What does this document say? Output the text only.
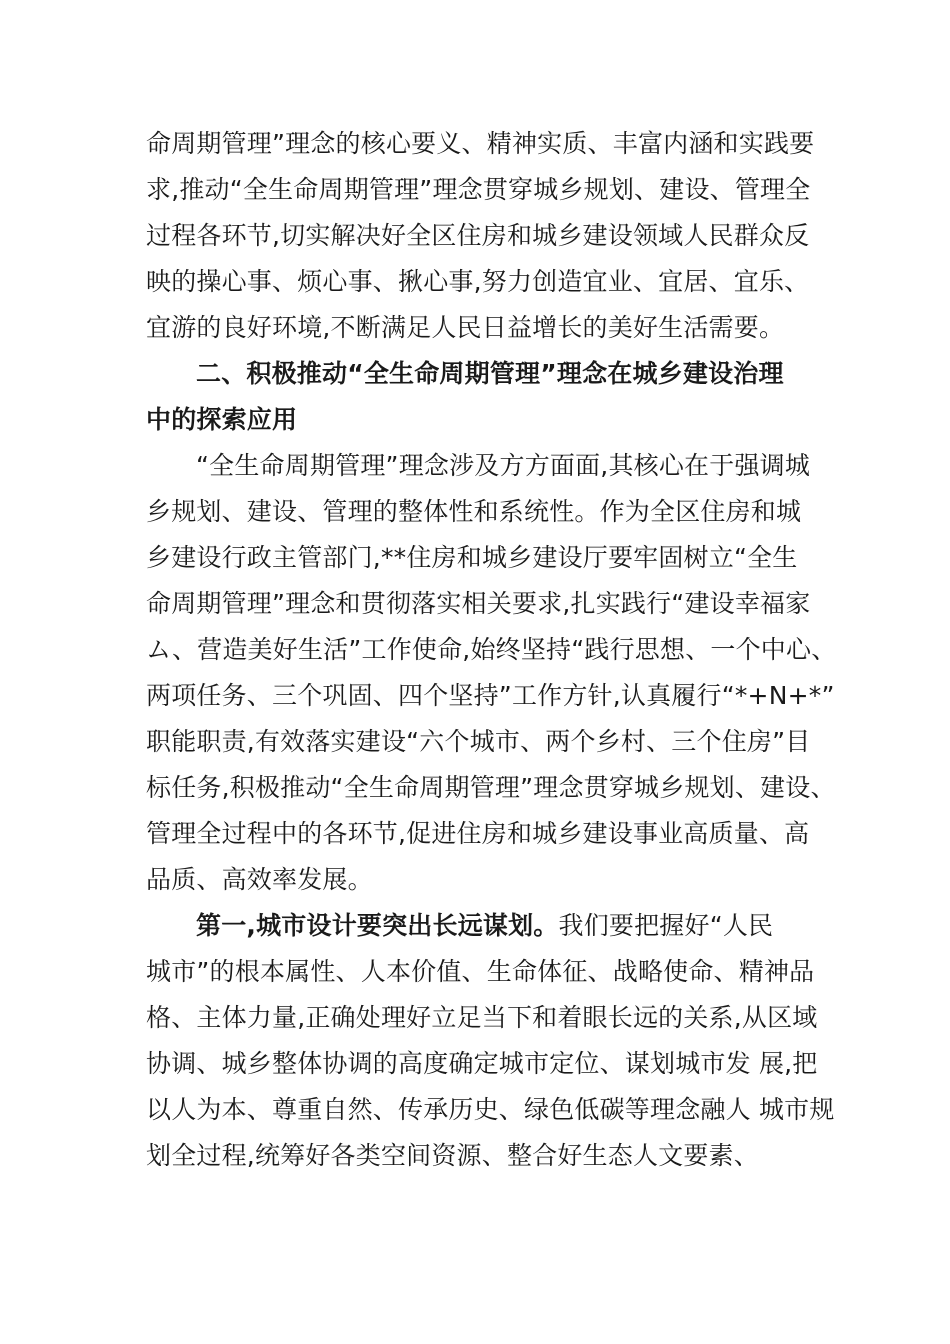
命周期管理”理念的核心要义、精神实质、丰富内涵和实践要
求,推动“全生命周期管理”理念贯穿城乡规划、建设、管理全
过程各环节,切实解决好全区住房和城乡建设领域人民群众反
映的操心事、烦心事、揪心事,努力创造宜业、宜居、宜乐、
宜游的良好环境,不断满足人民日益增长的美好生活需要。
二、积极推动“全生命周期管理”理念在城乡建设治理
中的探索应用
“全生命周期管理”理念涉及方方面面,其核心在于强调城
乡规划、建设、管理的整体性和系统性。作为全区住房和城
乡建设行政主管部门,**住房和城乡建设厅要牢固树立“全生
命周期管理”理念和贯彻落实相关要求,扎实践行“建设幸福家
ム、营造美好生活”工作使命,始终坚持“践行思想、一个中心、
两项任务、三个巩固、四个坚持”工作方针,认真履行“*+N+*”
职能职责,有效落实建设“六个城市、两个乡村、三个住房”目
标任务,积极推动“全生命周期管理”理念贯穿城乡规划、建设、
管理全过程中的各环节,促进住房和城乡建设事业高质量、高
品质、高效率发展。
第一,城市设计要突出长远谋划。我们要把握好“人民
城市”的根本属性、人本价值、生命体征、战略使命、精神品
格、主体力量,正确处理好立足当下和着眼长远的关系,从区域
协调、城乡整体协调的高度确定城市定位、谋划城市发 展,把
以人为本、尊重自然、传承历史、绿色低碳等理念融人 城市规
划全过程,统筹好各类空间资源、整合好生态人文要素、
